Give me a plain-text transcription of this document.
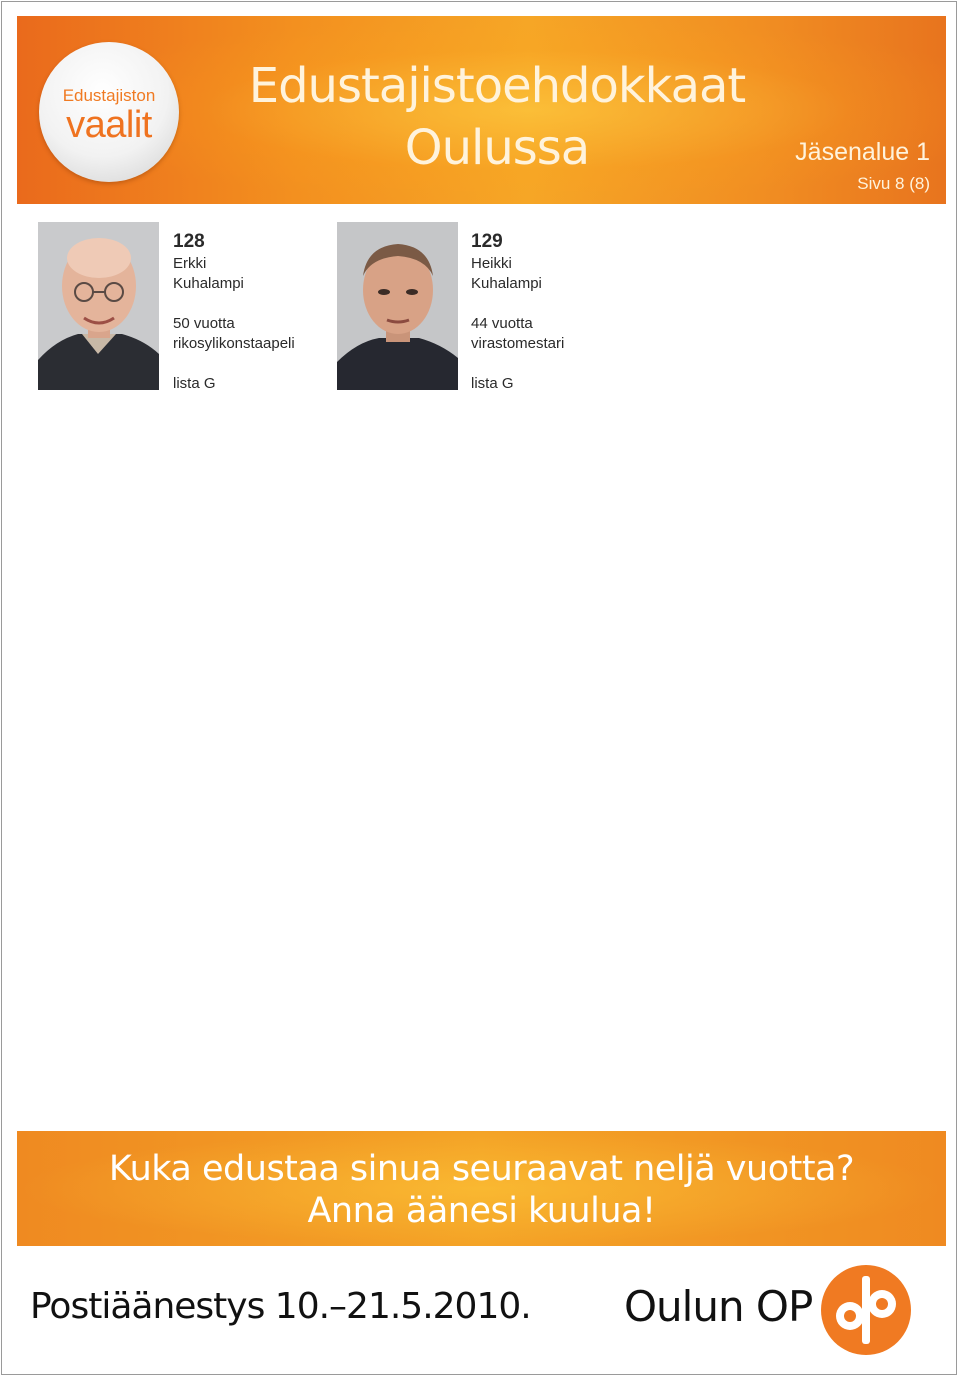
Edustajiston
vaalit
Edustajistoehdokkaat
Oulussa	Jäsenalue 1
Sivu 8 (8)
128
Erkki
Kuhalampi
50 vuotta
rikosylikonstaapeli
lista G
129
Heikki
Kuhalampi
44 vuotta
virastomestari
lista G
Kuka edustaa sinua seuraavat neljä vuotta?
Anna äänesi kuulua!
Postiäänestys 10.–21.5.2010. Oulun OP
